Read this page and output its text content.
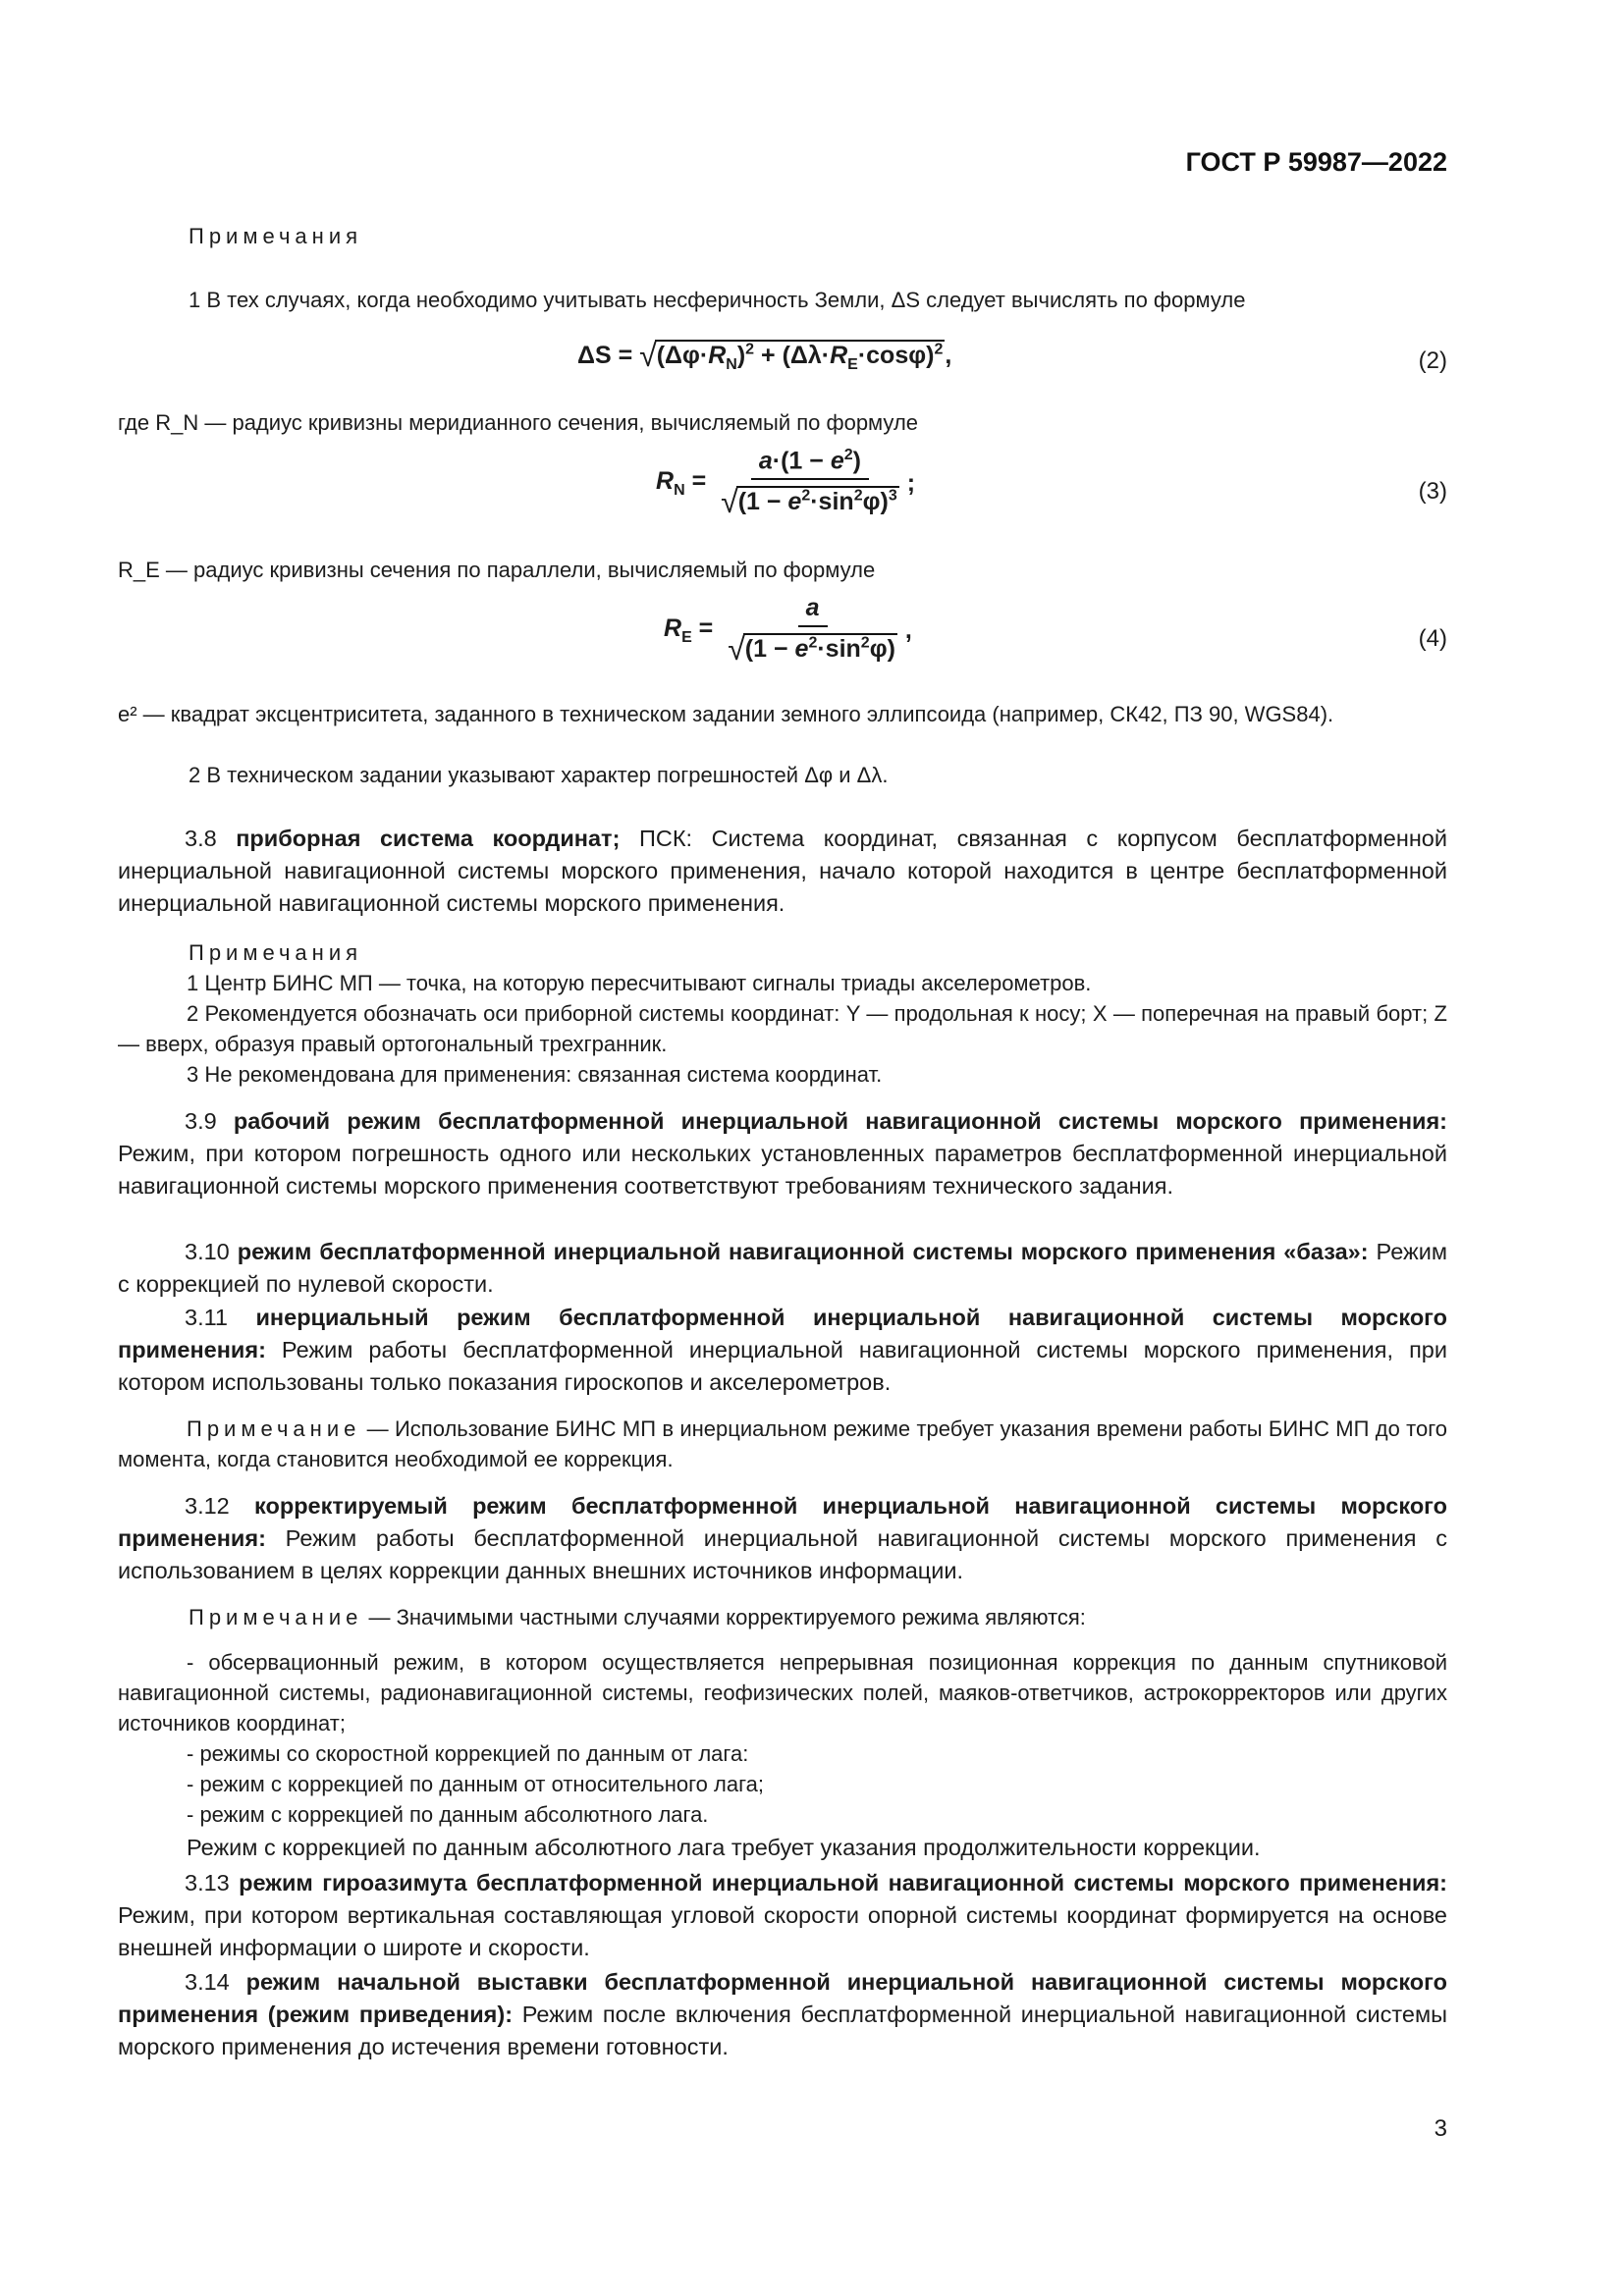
ГОСТ Р 59987—2022
Примечания
1 В тех случаях, когда необходимо учитывать несферичность Земли, ΔS следует вычислять по формуле
$\Delta S = √(\Delta\varphi\cdot R_N)^2 + (\Delta\lambda\cdot R_E\cdot\cos\varphi)^2$,	(2)
где R_N — радиус кривизны меридианного сечения, вычисляемый по формуле
$R_N = \frac{a\cdot(1 - e^2)}{√(1 - e^2\cdot\sin^2\varphi)^3}$ ;	(3)
R_E — радиус кривизны сечения по параллели, вычисляемый по формуле
$R_E = \frac{a}{√(1 - e^2\cdot\sin^2\varphi)}$ ,	(4)
e² — квадрат эксцентриситета, заданного в техническом задании земного эллипсоида (например, СК42, ПЗ 90, WGS84).
2 В техническом задании указывают характер погрешностей Δφ и Δλ.
3.8 приборная система координат; ПСК: Система координат, связанная с корпусом бесплатформенной инерциальной навигационной системы морского применения, начало которой находится в центре бесплатформенной инерциальной навигационной системы морского применения.
Примечания
1 Центр БИНС МП — точка, на которую пересчитывают сигналы триады акселерометров.
2 Рекомендуется обозначать оси приборной системы координат: Y — продольная к носу; X — поперечная на правый борт; Z — вверх, образуя правый ортогональный трехгранник.
3 Не рекомендована для применения: связанная система координат.
3.9 рабочий режим бесплатформенной инерциальной навигационной системы морского применения: Режим, при котором погрешность одного или нескольких установленных параметров бесплатформенной инерциальной навигационной системы морского применения соответствуют требованиям технического задания.
3.10 режим бесплатформенной инерциальной навигационной системы морского применения «база»: Режим с коррекцией по нулевой скорости.
3.11 инерциальный режим бесплатформенной инерциальной навигационной системы морского применения: Режим работы бесплатформенной инерциальной навигационной системы морского применения, при котором использованы только показания гироскопов и акселерометров.
Примечание — Использование БИНС МП в инерциальном режиме требует указания времени работы БИНС МП до того момента, когда становится необходимой ее коррекция.
3.12 корректируемый режим бесплатформенной инерциальной навигационной системы морского применения: Режим работы бесплатформенной инерциальной навигационной системы морского применения с использованием в целях коррекции данных внешних источников информации.
Примечание — Значимыми частными случаями корректируемого режима являются:
- обсервационный режим, в котором осуществляется непрерывная позиционная коррекция по данным спутниковой навигационной системы, радионавигационной системы, геофизических полей, маяков-ответчиков, астрокорректоров или других источников координат;
- режимы со скоростной коррекцией по данным от лага:
- режим с коррекцией по данным от относительного лага;
- режим с коррекцией по данным абсолютного лага.
Режим с коррекцией по данным абсолютного лага требует указания продолжительности коррекции.
3.13 режим гироазимута бесплатформенной инерциальной навигационной системы морского применения: Режим, при котором вертикальная составляющая угловой скорости опорной системы координат формируется на основе внешней информации о широте и скорости.
3.14 режим начальной выставки бесплатформенной инерциальной навигационной системы морского применения (режим приведения): Режим после включения бесплатформенной инерциальной навигационной системы морского применения до истечения времени готовности.
3
